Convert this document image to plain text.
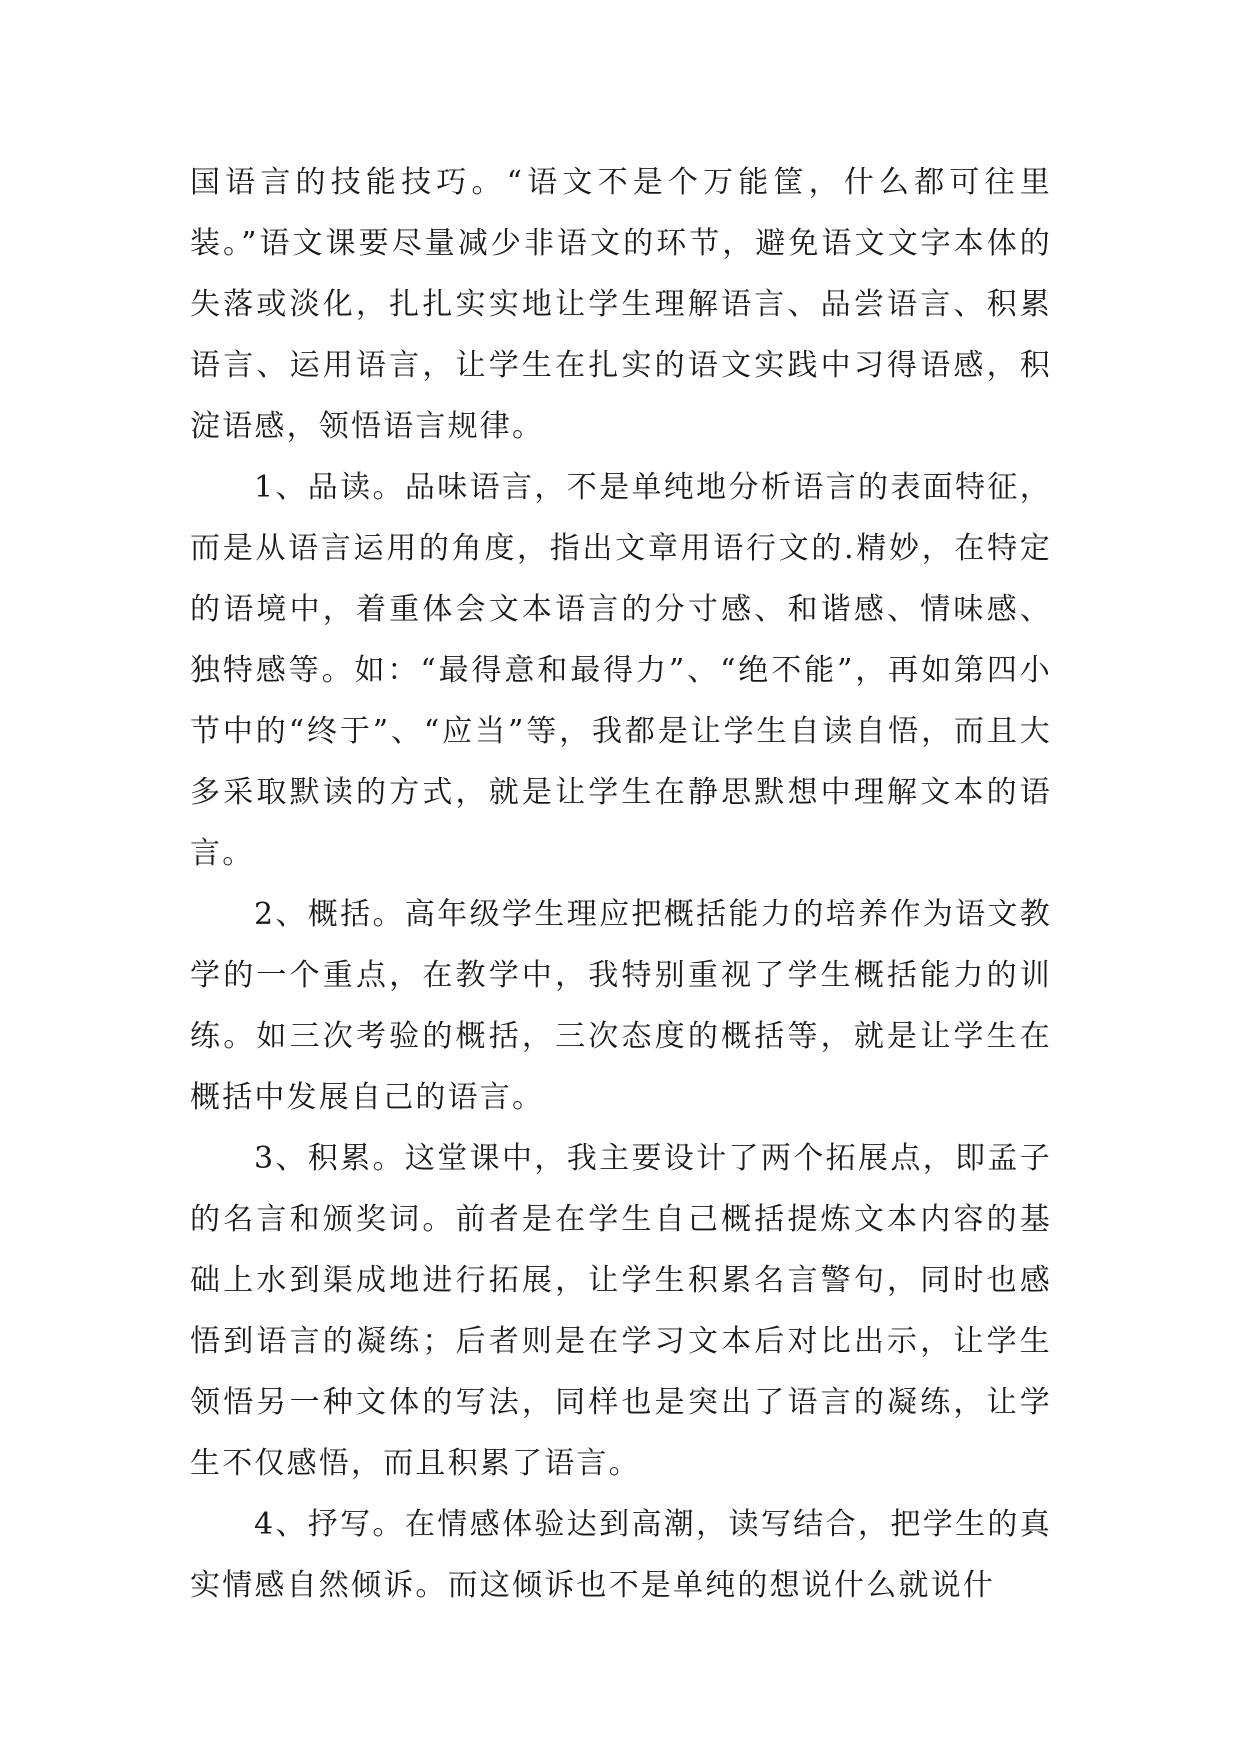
国语言的技能技巧。“语文不是个万能筐，什么都可往里装。”语文课要尽量减少非语文的环节，避免语文文字本体的失落或淡化，扎扎实实地让学生理解语言、品尝语言、积累语言、运用语言，让学生在扎实的语文实践中习得语感，积淀语感，领悟语言规律。

1、品读。品味语言，不是单纯地分析语言的表面特征，而是从语言运用的角度，指出文章用语行文的.精妙，在特定的语境中，着重体会文本语言的分寸感、和谐感、情味感、独特感等。如：“最得意和最得力”、“绝不能”，再如第四小节中的“终于”、“应当”等，我都是让学生自读自悟，而且大多采取默读的方式，就是让学生在静思默想中理解文本的语言。

2、概括。高年级学生理应把概括能力的培养作为语文教学的一个重点，在教学中，我特别重视了学生概括能力的训练。如三次考验的概括，三次态度的概括等，就是让学生在概括中发展自己的语言。

3、积累。这堂课中，我主要设计了两个拓展点，即孟子的名言和颁奖词。前者是在学生自己概括提炼文本内容的基础上水到渠成地进行拓展，让学生积累名言警句，同时也感悟到语言的凝练；后者则是在学习文本后对比出示，让学生领悟另一种文体的写法，同样也是突出了语言的凝练，让学生不仅感悟，而且积累了语言。

4、抒写。在情感体验达到高潮，读写结合，把学生的真实情感自然倾诉。而这倾诉也不是单纯的想说什么就说什
